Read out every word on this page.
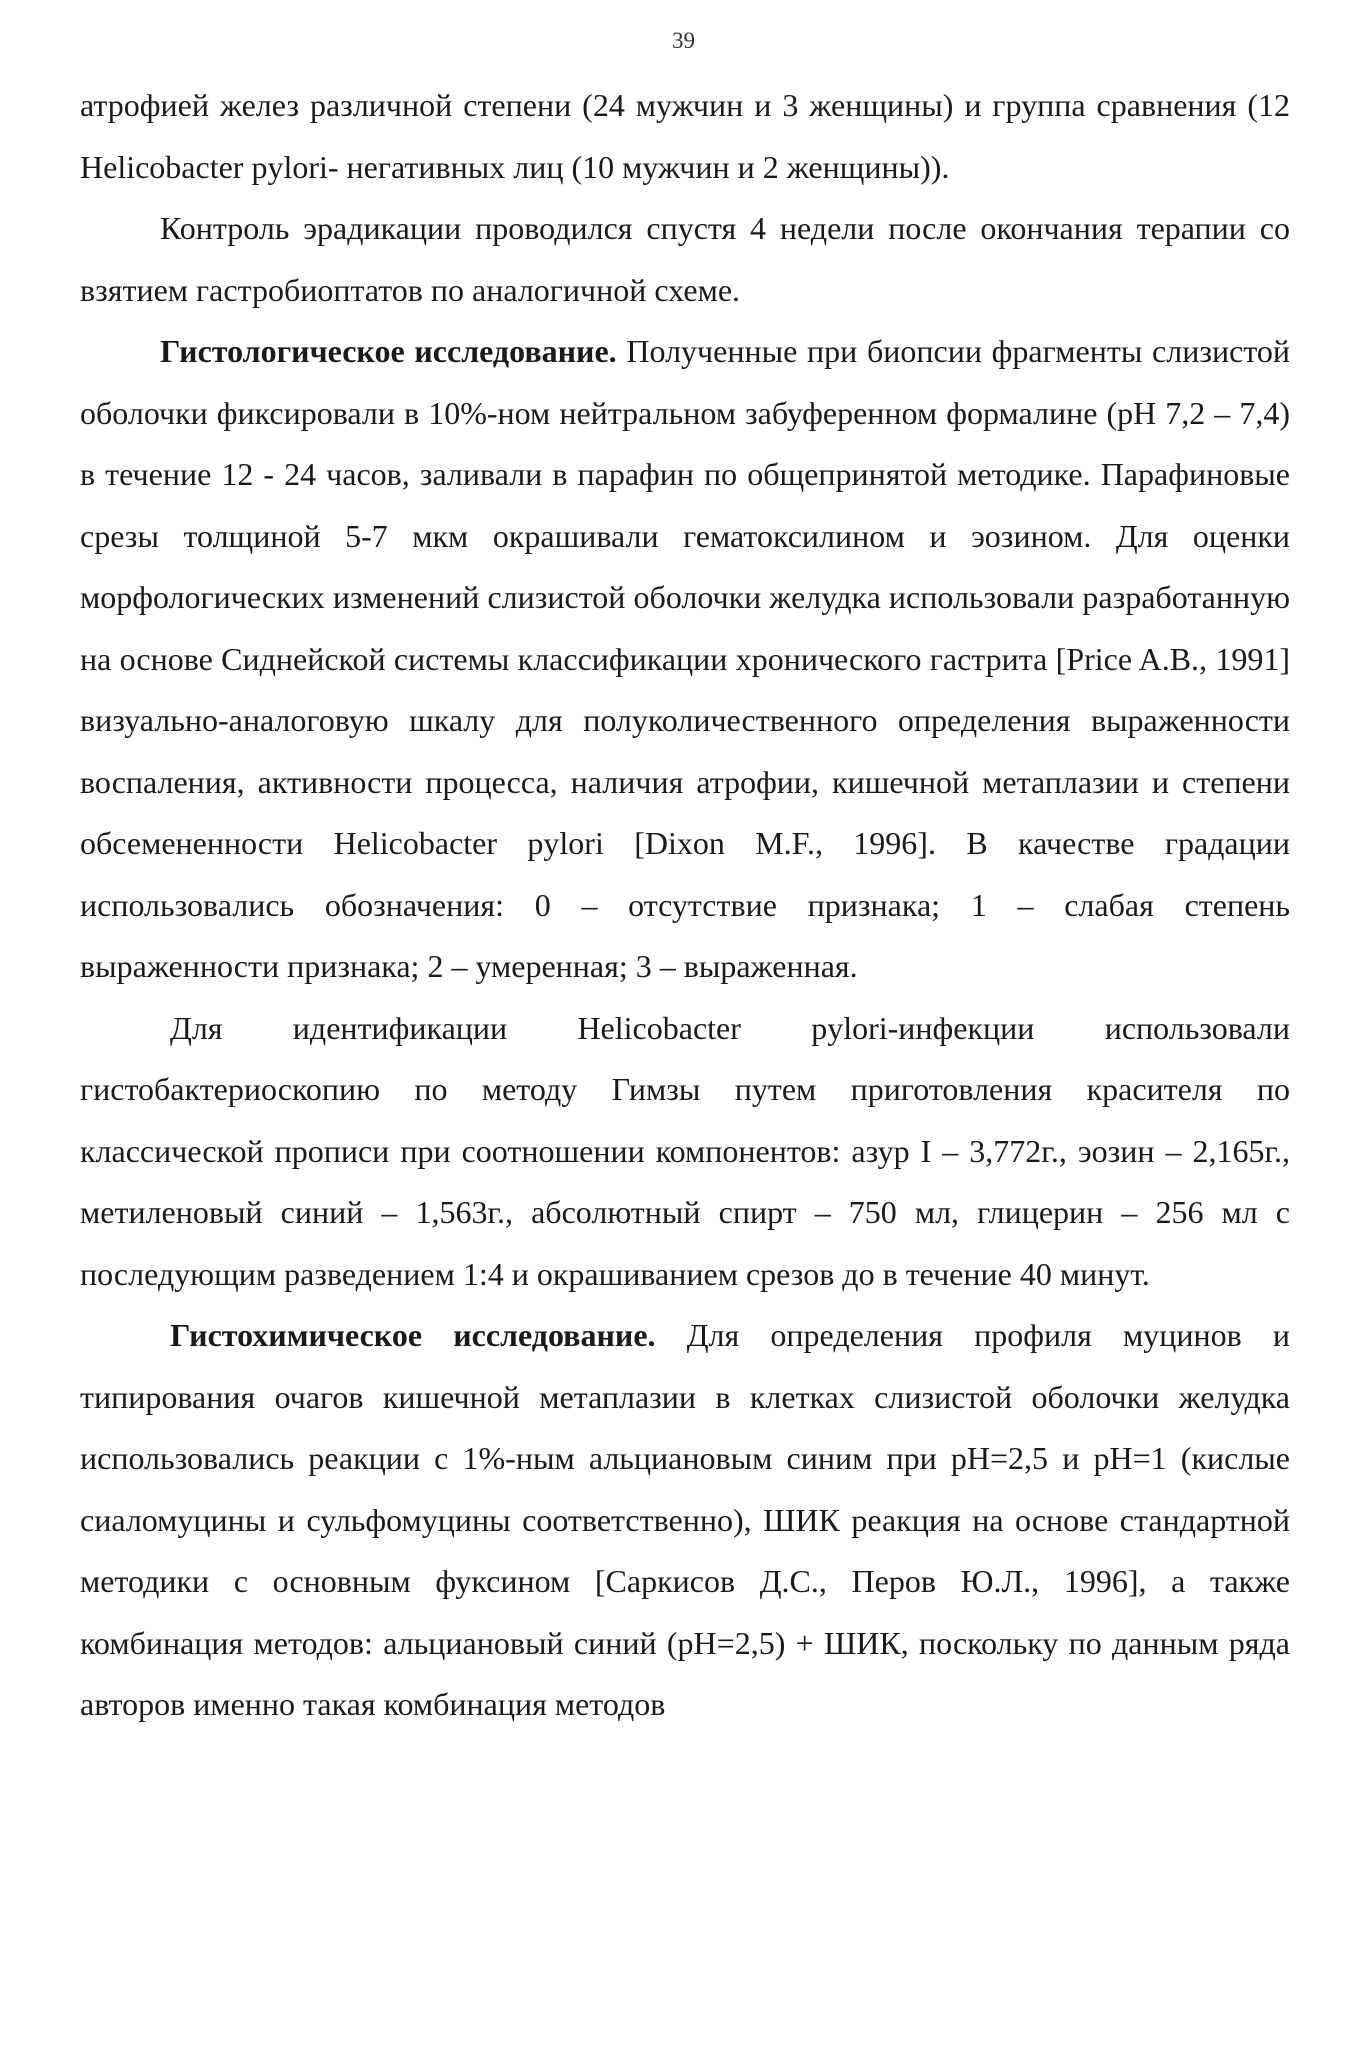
39

атрофией желез различной степени (24 мужчин и 3 женщины) и группа сравнения (12 Helicobacter pylori- негативных лиц (10 мужчин и 2 женщины)).

Контроль эрадикации проводился спустя 4 недели после окончания терапии со взятием гастробиоптатов по аналогичной схеме.

Гистологическое исследование. Полученные при биопсии фрагменты слизистой оболочки фиксировали в 10%-ном нейтральном забуференном формалине (рН 7,2 – 7,4) в течение 12 - 24 часов, заливали в парафин по общепринятой методике. Парафиновые срезы толщиной 5-7 мкм окрашивали гематоксилином и эозином. Для оценки морфологических изменений слизистой оболочки желудка использовали разработанную на основе Сиднейской системы классификации хронического гастрита [Price A.B., 1991] визуально-аналоговую шкалу для полуколичественного определения выраженности воспаления, активности процесса, наличия атрофии, кишечной метаплазии и степени обсемененности Helicobacter pylori [Dixon M.F., 1996]. В качестве градации использовались обозначения: 0 – отсутствие признака; 1 – слабая степень выраженности признака; 2 – умеренная; 3 – выраженная.

Для идентификации Helicobacter pylori-инфекции использовали гистобактериоскопию по методу Гимзы путем приготовления красителя по классической прописи при соотношении компонентов: азур I – 3,772г., эозин – 2,165г., метиленовый синий – 1,563г., абсолютный спирт – 750 мл, глицерин – 256 мл с последующим разведением 1:4 и окрашиванием срезов до в течение 40 минут.

Гистохимическое исследование. Для определения профиля муцинов и типирования очагов кишечной метаплазии в клетках слизистой оболочки желудка использовались реакции с 1%-ным альциановым синим при рН=2,5 и рН=1 (кислые сиаломуцины и сульфомуцины соответственно), ШИК реакция на основе стандартной методики с основным фуксином [Саркисов Д.С., Перов Ю.Л., 1996], а также комбинация методов: альциановый синий (рН=2,5) + ШИК, поскольку по данным ряда авторов именно такая комбинация методов
